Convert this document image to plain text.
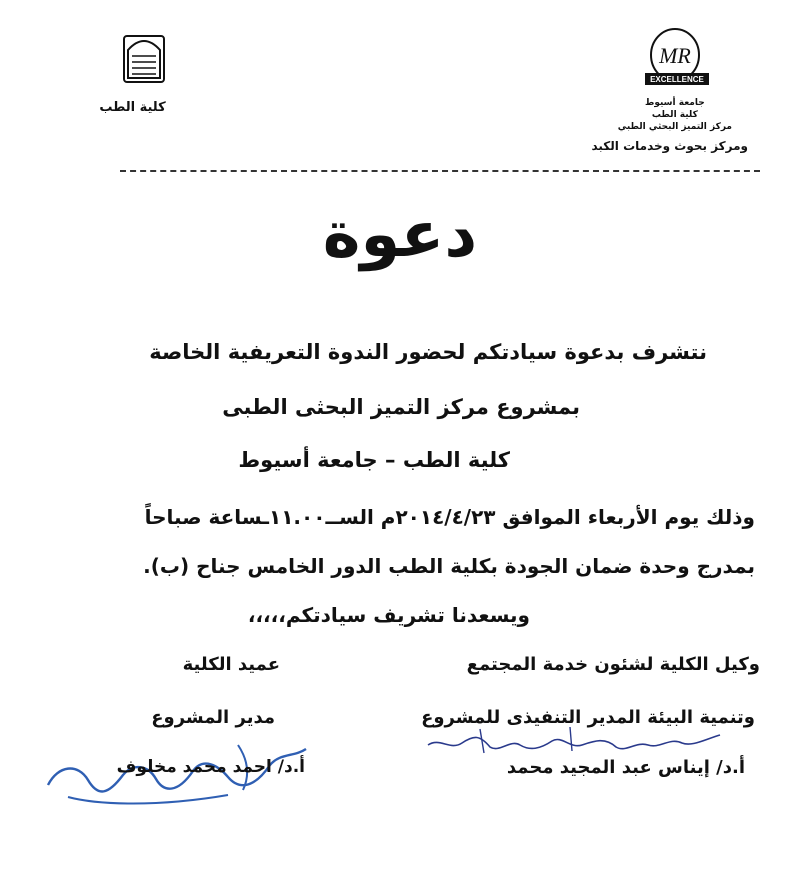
كلية الطب
MR
EXCELLENCE
جامعة أسيوط
كلية الطب
مركز التميز البحثي الطبي
ومركز بحوث وخدمات الكبد
دعوة
نتشرف بدعوة سيادتكم لحضور الندوة التعريفية الخاصة
بمشروع مركز التميز البحثى الطبى
كلية الطب – جامعة أسيوط
وذلك يوم الأربعاء الموافق ٢٠١٤/٤/٢٣م الســ١١.٠٠ـساعة صباحاً
بمدرج وحدة ضمان الجودة بكلية الطب الدور الخامس جناح (ب).
ويسعدنا تشريف سيادتكم،،،،،
وكيل الكلية لشئون خدمة المجتمع
عميد الكلية
وتنمية البيئة المدير التنفيذى للمشروع
مدير المشروع
أ.د/ إيناس عبد المجيد محمد
أ.د/ احمد محمد مخلوف
